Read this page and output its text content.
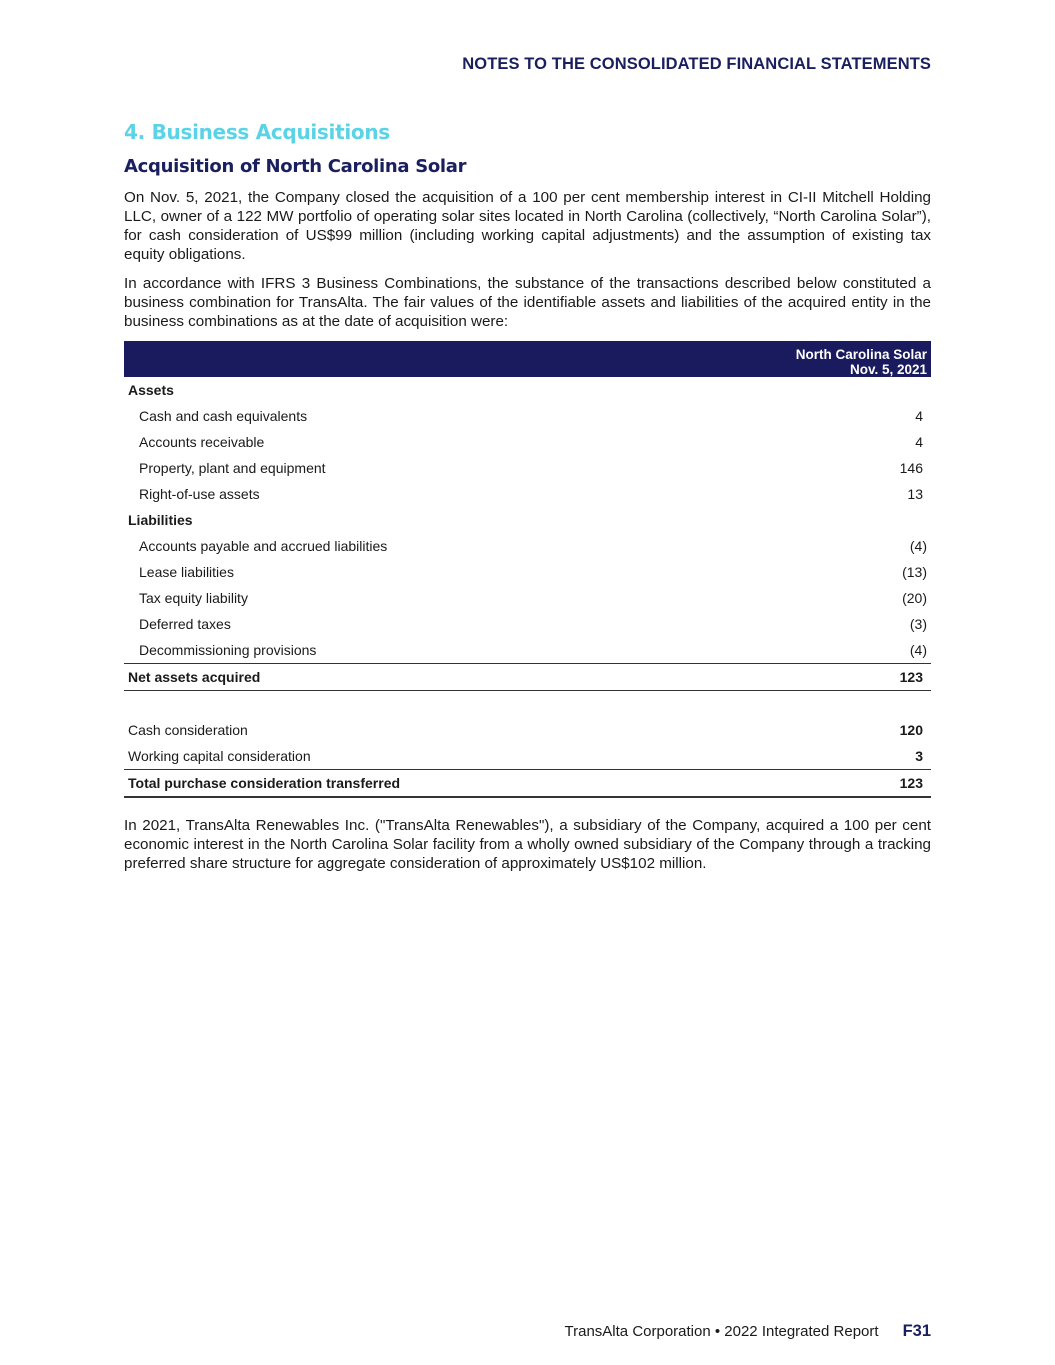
NOTES TO THE CONSOLIDATED FINANCIAL STATEMENTS
4. Business Acquisitions
Acquisition of North Carolina Solar

On Nov. 5, 2021, the Company closed the acquisition of a 100 per cent membership interest in CI-II Mitchell Holding LLC, owner of a 122 MW portfolio of operating solar sites located in North Carolina (collectively, “North Carolina Solar”), for cash consideration of US$99 million (including working capital adjustments) and the assumption of existing tax equity obligations.

In accordance with IFRS 3 Business Combinations, the substance of the transactions described below constituted a business combination for TransAlta. The fair values of the identifiable assets and liabilities of the acquired entity in the business combinations as at the date of acquisition were:

	North Carolina Solar
Nov. 5, 2021

Assets	
Cash and cash equivalents	4
Accounts receivable	4
Property, plant and equipment	146
Right-of-use assets	13
Liabilities	
Accounts payable and accrued liabilities	(4)
Lease liabilities	(13)
Tax equity liability	(20)
Deferred taxes	(3)
Decommissioning provisions	(4)
Net assets acquired	123

Cash consideration	120
Working capital consideration	3
Total purchase consideration transferred	123

In 2021, TransAlta Renewables Inc. ("TransAlta Renewables"), a subsidiary of the Company, acquired a 100 per cent economic interest in the North Carolina Solar facility from a wholly owned subsidiary of the Company through a tracking preferred share structure for aggregate consideration of approximately US$102 million.

TransAlta Corporation • 2022 Integrated Report F31
